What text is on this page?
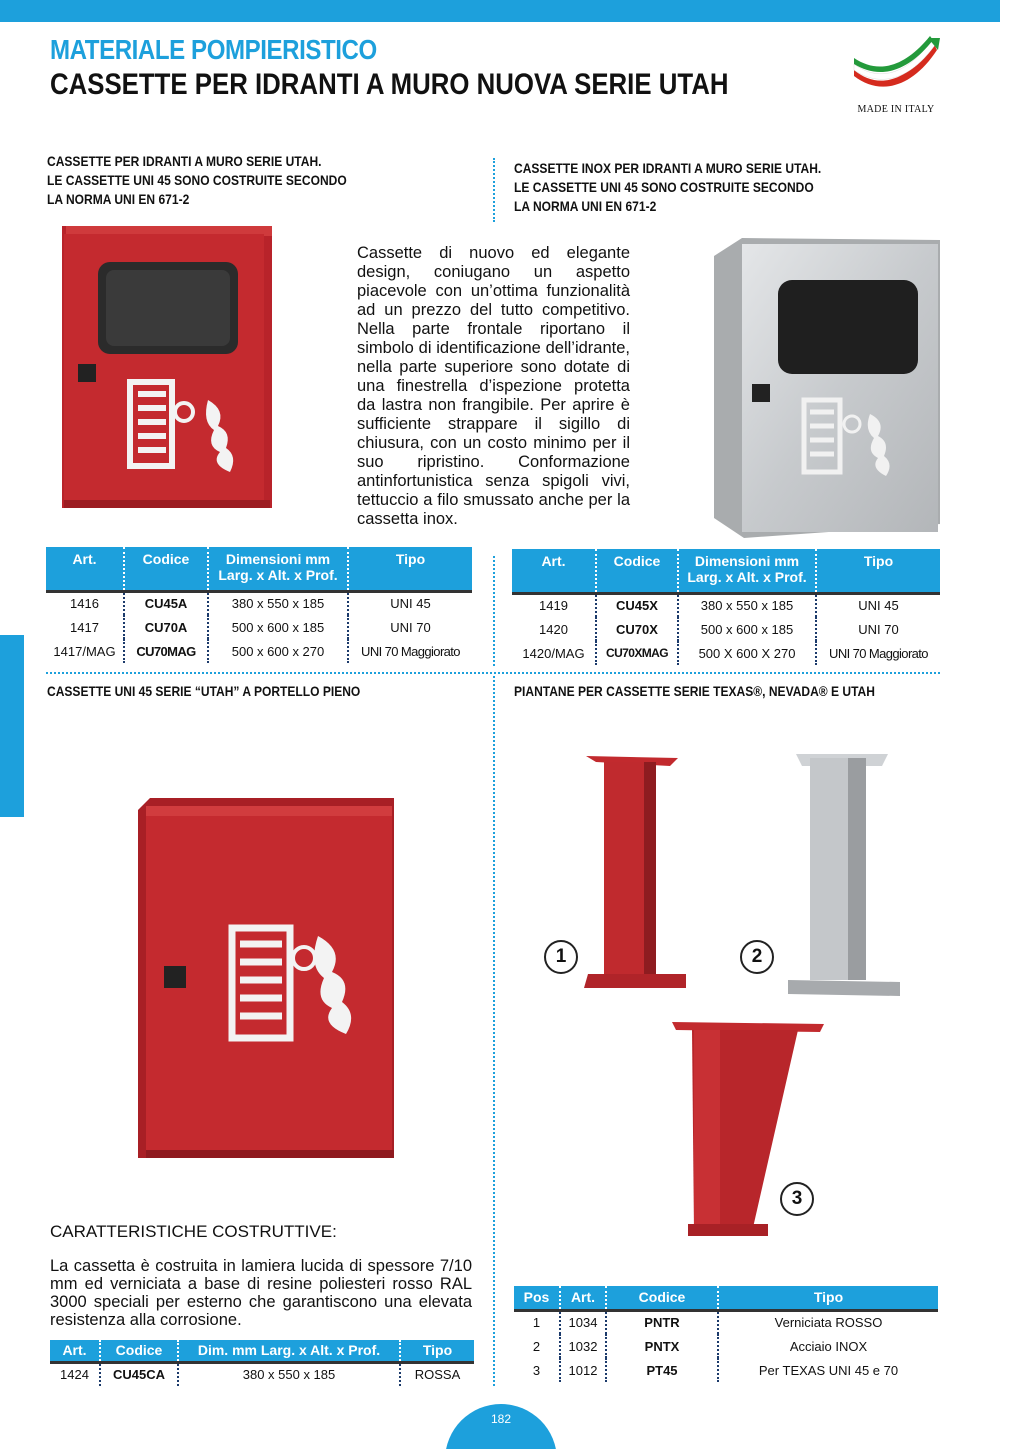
MATERIALE POMPIERISTICO
CASSETTE PER IDRANTI A MURO NUOVA SERIE UTAH
MADE IN ITALY
CASSETTE PER IDRANTI A MURO SERIE UTAH.
LE CASSETTE UNI 45 SONO COSTRUITE SECONDO
LA NORMA UNI EN 671-2
CASSETTE INOX PER IDRANTI A MURO SERIE UTAH.
LE CASSETTE UNI 45 SONO COSTRUITE SECONDO
LA NORMA UNI EN 671-2
Cassette di nuovo ed elegante design, coniugano un aspetto piacevole con un’ottima funzionalità ad un prezzo del tutto competitivo. Nella parte frontale riportano il simbolo di identificazione dell’idrante, nella parte superiore sono dotate di una finestrella d’ispezione protetta da lastra non frangibile. Per aprire è sufficiente strappare il sigillo di chiusura, con un costo minimo per il suo ripristino. Conformazione antinfortunistica senza spigoli vivi, tettuccio a filo smussato anche per la cassetta inox.
Art.	Codice	Dimensioni mm
Larg. x Alt. x Prof.	Tipo
1416	CU45A	380 x 550 x 185	UNI 45
1417	CU70A	500 x 600 x 185	UNI 70
1417/MAG	CU70MAG	500 x 600 x 270	UNI 70 Maggiorato
Art.	Codice	Dimensioni mm
Larg. x Alt. x Prof.	Tipo
1419	CU45X	380 x 550 x 185	UNI 45
1420	CU70X	500 x 600 x 185	UNI 70
1420/MAG	CU70XMAG	500 X 600 X 270	UNI 70 Maggiorato
CASSETTE UNI 45 SERIE “UTAH” A PORTELLO PIENO	PIANTANE PER CASSETTE SERIE TEXAS®, NEVADA® E UTAH
1	2
3
CARATTERISTICHE COSTRUTTIVE:
La cassetta è costruita in lamiera lucida di spessore 7/10 mm ed verniciata a base di resine poliesteri rosso RAL 3000 speciali per esterno che garantiscono una elevata resistenza alla corrosione.
Art.	Codice	Dim. mm Larg. x Alt. x Prof.	Tipo
1424	CU45CA	380 x 550 x 185	ROSSA
Pos	Art.	Codice	Tipo
1	1034	PNTR	Verniciata ROSSO
2	1032	PNTX	Acciaio INOX
3	1012	PT45	Per TEXAS UNI 45 e 70
182
